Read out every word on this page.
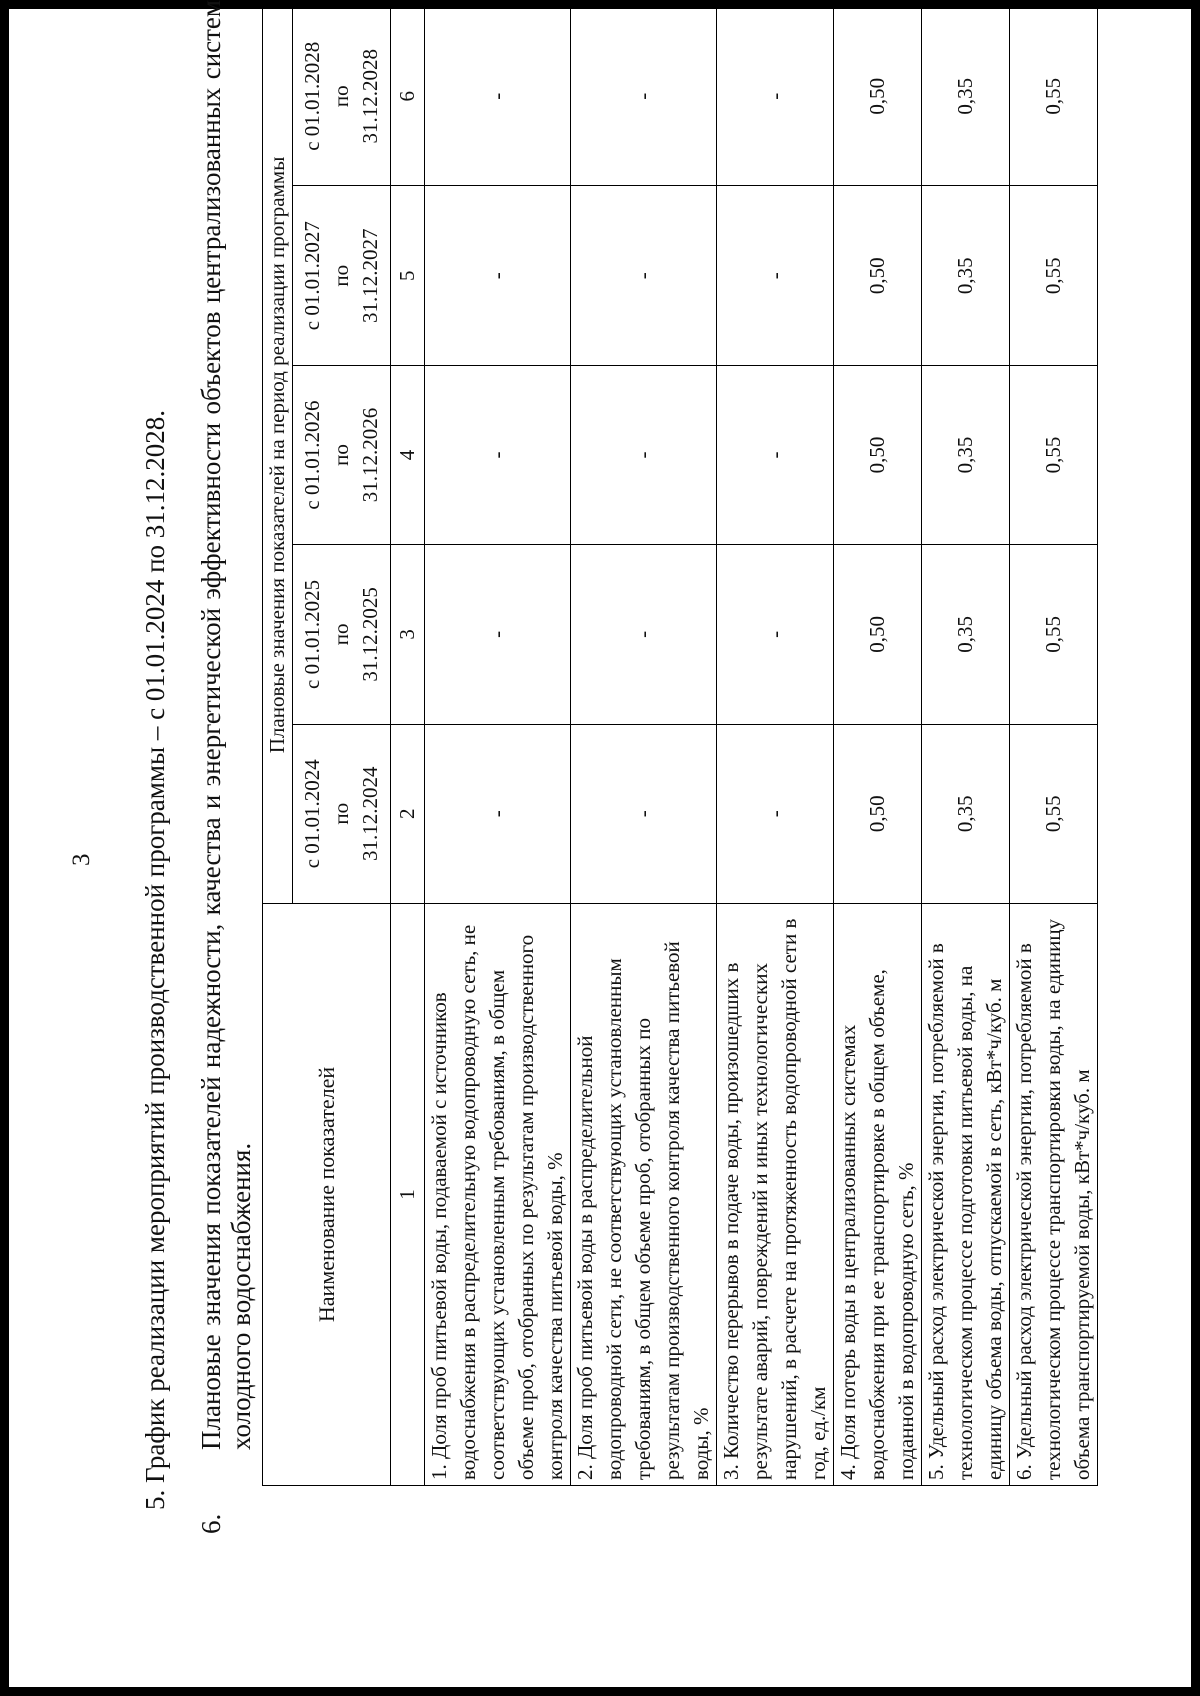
3 5. График реализации мероприятий производственной программы – с 01.01.2024 по 31.12.2028.
6.Плановые значения показателей надежности, качества и энергетической эффективности объектов централизованных систем холодного водоснабжения.	Наименование показателей	Плановые значения показателей на период реализации программы				
	с 01.01.2024 по 31.12.2024	с 01.01.2025 по 31.12.2025	с 01.01.2026 по 31.12.2026	с 01.01.2027 по 31.12.2027	с 01.01.2028 по 31.12.2028
1	2	3	4	5	6
1. Доля проб питьевой воды, подаваемой с источников водоснабжения в распределительную водопроводную сеть, не соответствующих установленным требованиям, в общем объеме проб, отобранных по результатам производственного контроля качества питьевой воды, %	-	-	-	-	-
2. Доля проб питьевой воды в распределительной водопроводной сети, не соответствующих установленным требованиям, в общем объеме проб, отобранных по результатам производственного контроля качества питьевой воды, %	-	-	-	-	-
3. Количество перерывов в подаче воды, произошедших в результате аварий, повреждений и иных технологических нарушений, в расчете на протяженность водопроводной сети в год, ед./км	-	-	-	-	-
4. Доля потерь воды в централизованных системах водоснабжения при ее транспортировке в общем объеме, поданной в водопроводную сеть, %	0,50	0,50	0,50	0,50	0,50
5. Удельный расход электрической энергии, потребляемой в технологическом процессе подготовки питьевой воды, на единицу объема воды, отпускаемой в сеть, кВт*ч/куб. м	0,35	0,35	0,35	0,35	0,35
6. Удельный расход электрической энергии, потребляемой в технологическом процессе транспортировки воды, на единицу объема транспортируемой воды, кВт*ч/куб. м	0,55	0,55	0,55	0,55	0,55
